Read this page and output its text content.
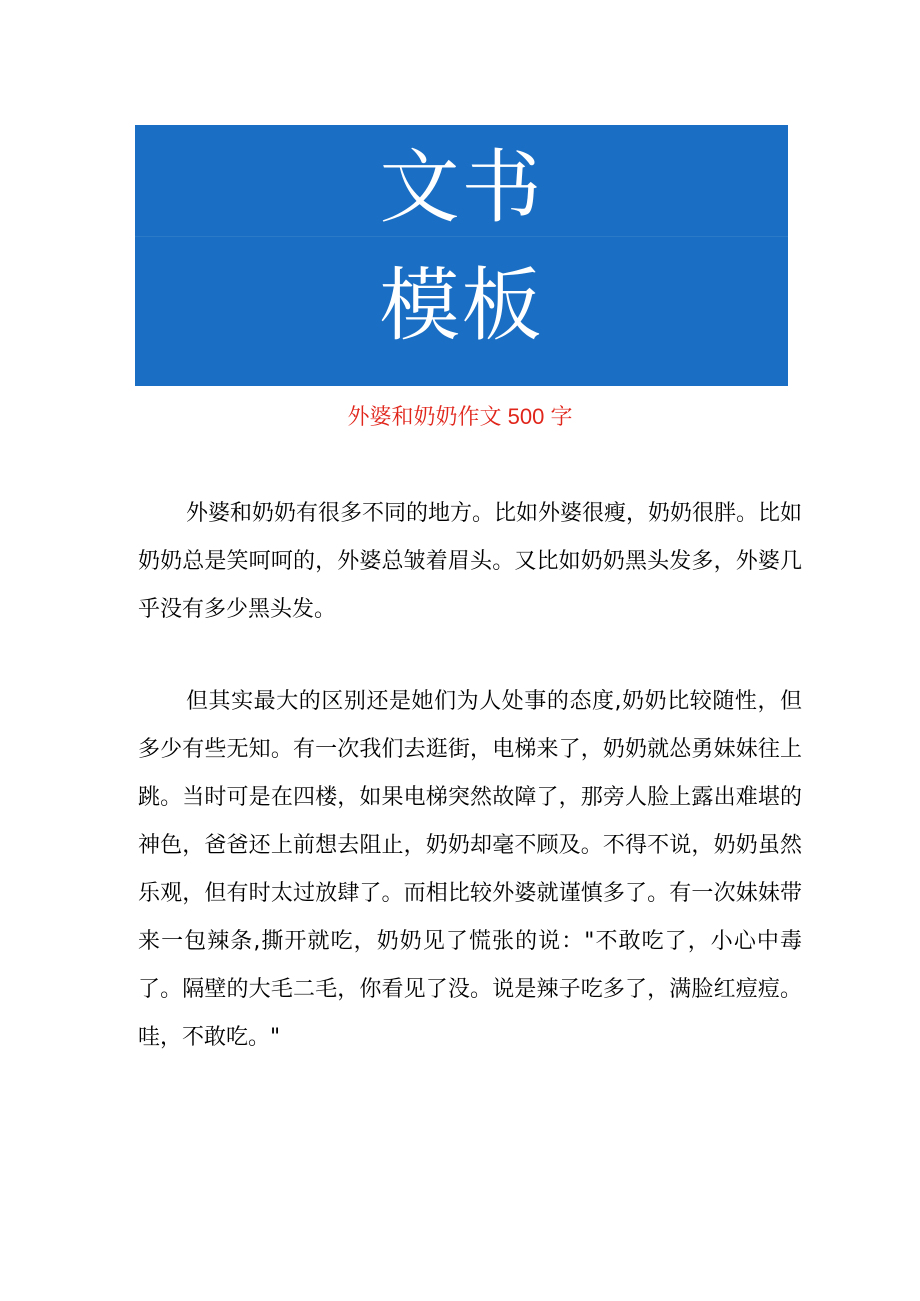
文书
模板
外婆和奶奶作文 500 字

外婆和奶奶有很多不同的地方。比如外婆很瘦，奶奶很胖。比如奶奶总是笑呵呵的，外婆总皱着眉头。又比如奶奶黑头发多，外婆几乎没有多少黑头发。

但其实最大的区别还是她们为人处事的态度,奶奶比较随性，但多少有些无知。有一次我们去逛街，电梯来了，奶奶就怂勇妹妹往上跳。当时可是在四楼，如果电梯突然故障了，那旁人脸上露出难堪的神色，爸爸还上前想去阻止，奶奶却毫不顾及。不得不说，奶奶虽然乐观，但有时太过放肆了。而相比较外婆就谨慎多了。有一次妹妹带来一包辣条,撕开就吃，奶奶见了慌张的说："不敢吃了，小心中毒了。隔壁的大毛二毛，你看见了没。说是辣子吃多了，满脸红痘痘。哇，不敢吃。"
